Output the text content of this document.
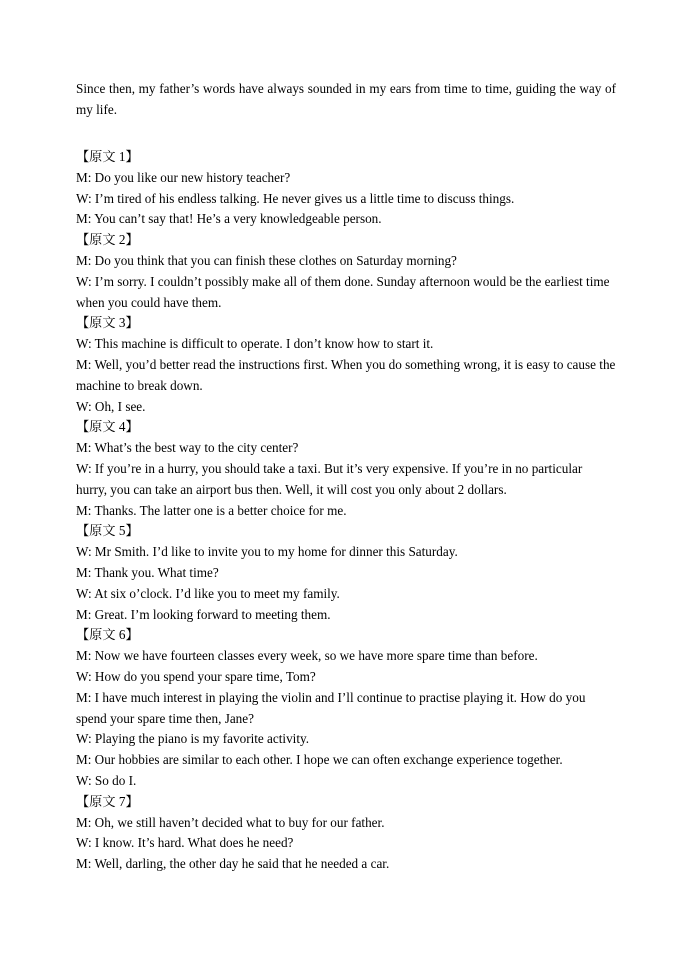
Since then, my father’s words have always sounded in my ears from time to time, guiding the way of my life.

【原文 1】

M: Do you like our new history teacher?

W: I’m tired of his endless talking. He never gives us a little time to discuss things.

M: You can’t say that! He’s a very knowledgeable person.

【原文 2】

M: Do you think that you can finish these clothes on Saturday morning?

W: I’m sorry. I couldn’t possibly make all of them done. Sunday afternoon would be the earliest time when you could have them.

【原文 3】

W: This machine is difficult to operate. I don’t know how to start it.

M: Well, you’d better read the instructions first. When you do something wrong, it is easy to cause the machine to break down.

W: Oh, I see.

【原文 4】

M: What’s the best way to the city center?

W: If you’re in a hurry, you should take a taxi. But it’s very expensive. If you’re in no particular hurry, you can take an airport bus then. Well, it will cost you only about 2 dollars.

M: Thanks. The latter one is a better choice for me.

【原文 5】

W: Mr Smith. I’d like to invite you to my home for dinner this Saturday.

M: Thank you. What time?

W: At six o’clock. I’d like you to meet my family.

M: Great. I’m looking forward to meeting them.

【原文 6】

M: Now we have fourteen classes every week, so we have more spare time than before.

W: How do you spend your spare time, Tom?

M: I have much interest in playing the violin and I’ll continue to practise playing it. How do you spend your spare time then, Jane?

W: Playing the piano is my favorite activity.

M: Our hobbies are similar to each other. I hope we can often exchange experience together.

W: So do I.

【原文 7】

M: Oh, we still haven’t decided what to buy for our father.

W: I know. It’s hard. What does he need?

M: Well, darling, the other day he said that he needed a car.
